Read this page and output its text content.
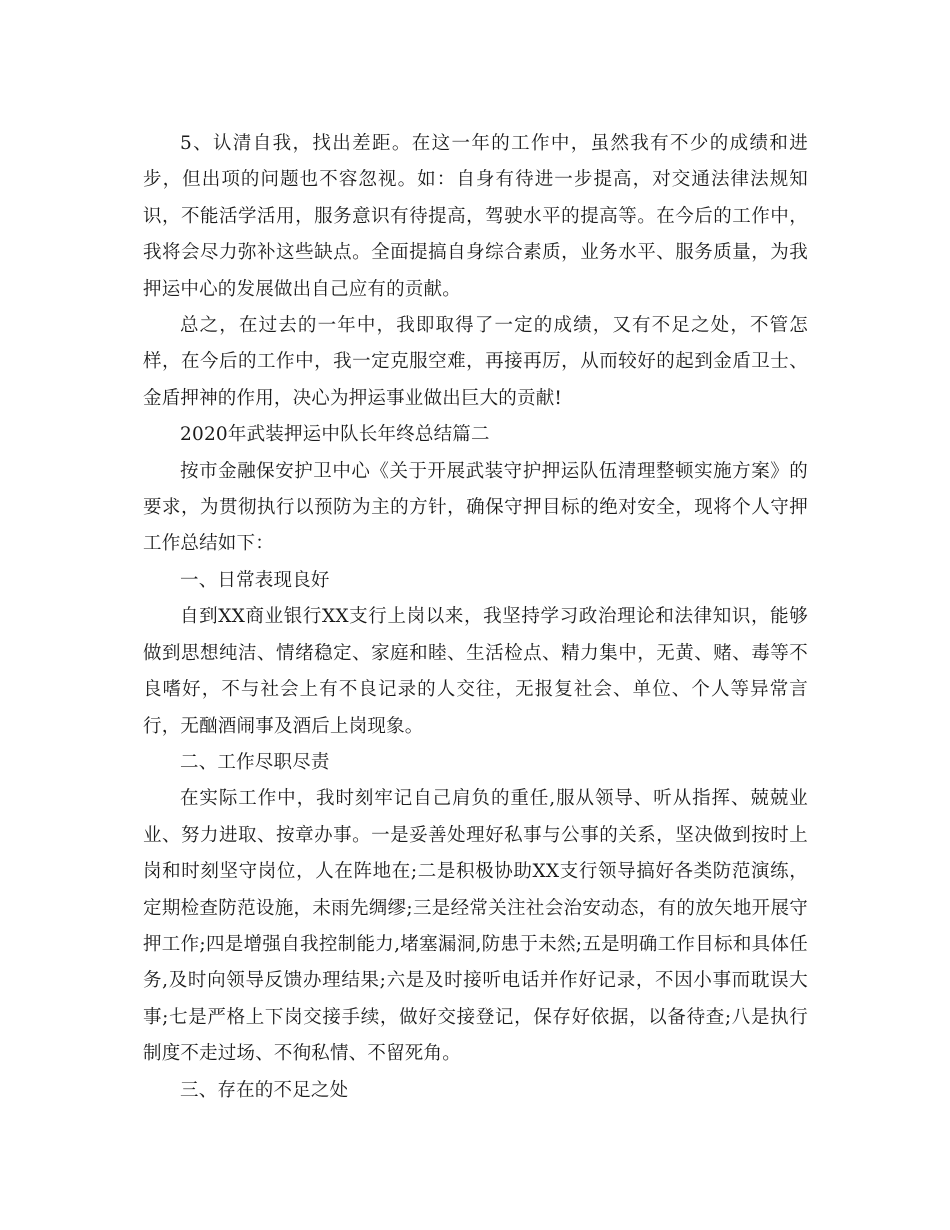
5、认清自我，找出差距。在这一年的工作中，虽然我有不少的成绩和进步，但出项的问题也不容忽视。如：自身有待进一步提高，对交通法律法规知识，不能活学活用，服务意识有待提高，驾驶水平的提高等。在今后的工作中，我将会尽力弥补这些缺点。全面提搞自身综合素质，业务水平、服务质量，为我押运中心的发展做出自己应有的贡献。

总之，在过去的一年中，我即取得了一定的成绩，又有不足之处，不管怎样，在今后的工作中，我一定克服空难，再接再厉，从而较好的起到金盾卫士、金盾押神的作用，决心为押运事业做出巨大的贡献!

2020年武装押运中队长年终总结篇二

按市金融保安护卫中心《关于开展武装守护押运队伍清理整顿实施方案》的要求，为贯彻执行以预防为主的方针，确保守押目标的绝对安全，现将个人守押工作总结如下：

一、日常表现良好

自到XX商业银行XX支行上岗以来，我坚持学习政治理论和法律知识，能够做到思想纯洁、情绪稳定、家庭和睦、生活检点、精力集中，无黄、赌、毒等不良嗜好，不与社会上有不良记录的人交往，无报复社会、单位、个人等异常言行，无酗酒闹事及酒后上岗现象。

二、工作尽职尽责

在实际工作中，我时刻牢记自己肩负的重任,服从领导、听从指挥、兢兢业业、努力进取、按章办事。一是妥善处理好私事与公事的关系，坚决做到按时上岗和时刻坚守岗位，人在阵地在;二是积极协助XX支行领导搞好各类防范演练，定期检查防范设施，未雨先绸缪;三是经常关注社会治安动态，有的放矢地开展守押工作;四是增强自我控制能力,堵塞漏洞,防患于未然;五是明确工作目标和具体任务,及时向领导反馈办理结果;六是及时接听电话并作好记录，不因小事而耽误大事;七是严格上下岗交接手续，做好交接登记，保存好依据，以备待查;八是执行制度不走过场、不徇私情、不留死角。

三、存在的不足之处
